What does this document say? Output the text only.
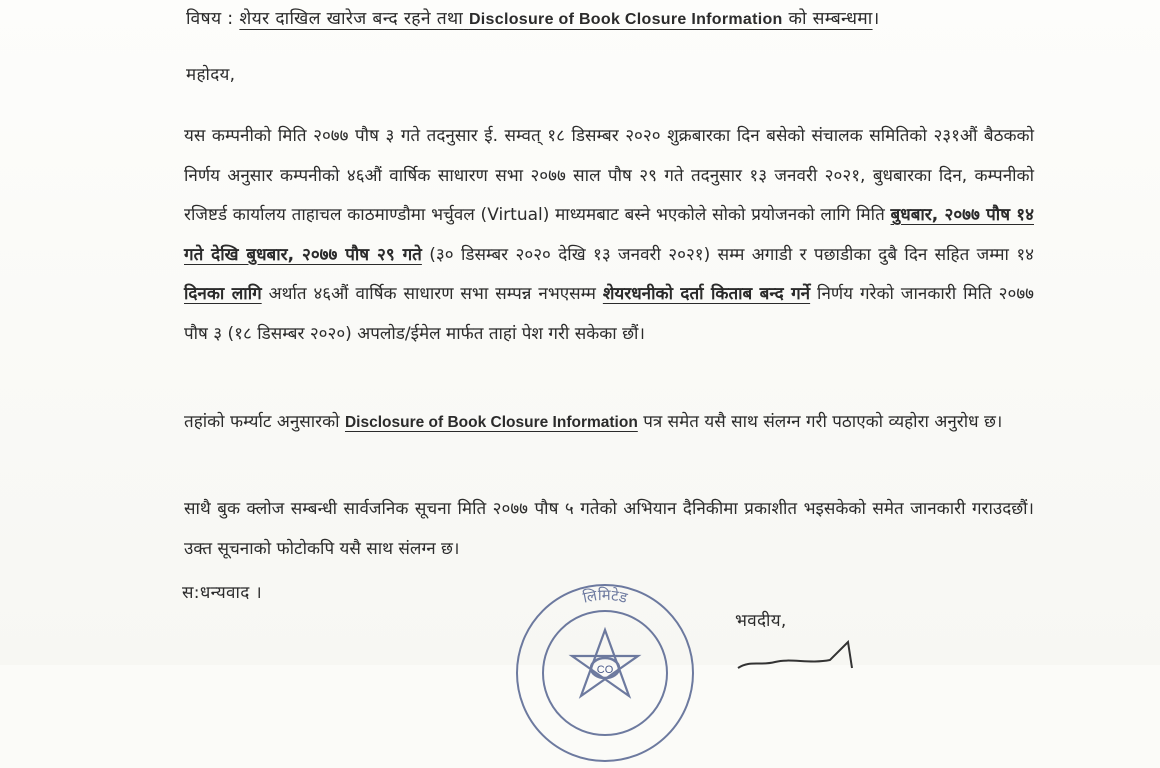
विषय : शेयर दाखिल खारेज बन्द रहने तथा Disclosure of Book Closure Information को सम्बन्धमा।
महोदय,
यस कम्पनीको मिति २०७७ पौष ३ गते तदनुसार ई. सम्वत् १८ डिसम्बर २०२० शुक्रबारका दिन बसेको संचालक समितिको २३१औं बैठकको निर्णय अनुसार कम्पनीको ४६औं वार्षिक साधारण सभा २०७७ साल पौष २९ गते तदनुसार १३ जनवरी २०२१, बुधबारका दिन, कम्पनीको रजिष्टर्ड कार्यालय ताहाचल काठमाण्डौमा भर्चुवल (Virtual) माध्यमबाट बस्ने भएकोले सोको प्रयोजनको लागि मिति बुधबार, २०७७ पौष १४ गते देखि बुधबार, २०७७ पौष २९ गते (३० डिसम्बर २०२० देखि १३ जनवरी २०२१) सम्म अगाडी र पछाडीका दुबै दिन सहित जम्मा १४ दिनका लागि अर्थात ४६औं वार्षिक साधारण सभा सम्पन्न नभएसम्म शेयरधनीको दर्ता किताब बन्द गर्ने निर्णय गरेको जानकारी मिति २०७७ पौष ३ (१८ डिसम्बर २०२०) अपलोड/ईमेल मार्फत ताहां पेश गरी सकेका छौं।
तहांको फर्म्याट अनुसारको Disclosure of Book Closure Information पत्र समेत यसै साथ संलग्न गरी पठाएको व्यहोरा अनुरोध छ।
साथै बुक क्लोज सम्बन्धी सार्वजनिक सूचना मिति २०७७ पौष ५ गतेको अभियान दैनिकीमा प्रकाशीत भइसकेको समेत जानकारी गराउदछौं। उक्त सूचनाको फोटोकपि यसै साथ संलग्न छ।
स:धन्यवाद ।	लिमिटेड
CO
भवदीय,
